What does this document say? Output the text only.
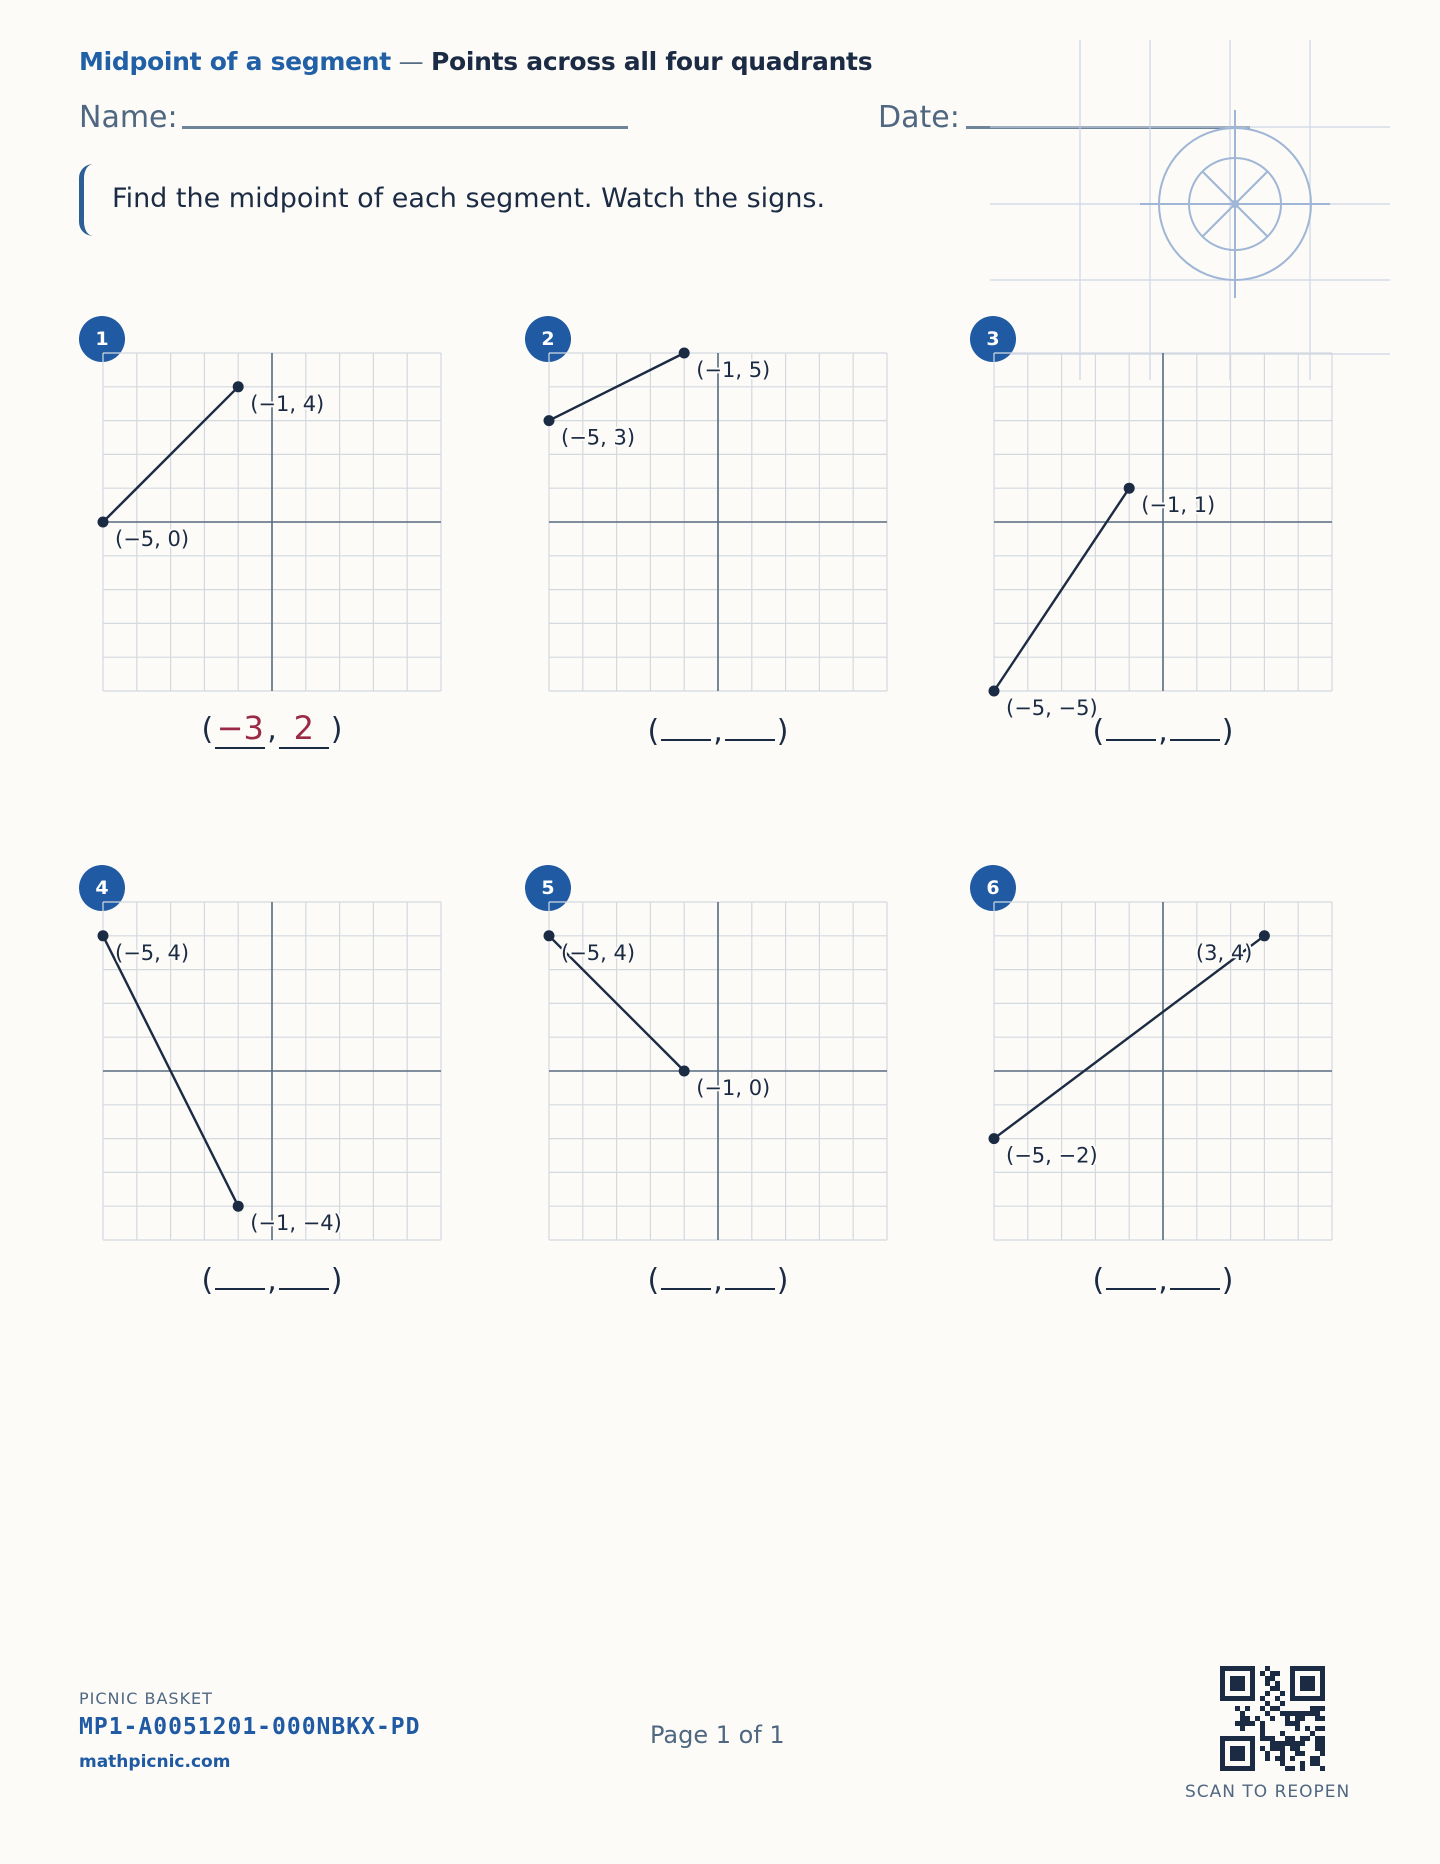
Midpoint of a segment — Points across all four quadrants
Name:	Date:
Find the midpoint of each segment. Watch the signs.
1
(−1, 4)
(−5, 0)
( −3 , 2 )
2
(−1, 5)
(−5, 3)
( , )
3
(−1, 1)
(−5, −5)
( , )
4
(−5, 4)
(−1, −4)
( , )
5
(−5, 4)
(−1, 0)
( , )
6
(3, 4)
(−5, −2)
( , )
PICNIC BASKET
MP1-A0051201-000NBKX-PD
mathpicnic.com
Page 1 of 1
SCAN TO REOPEN
